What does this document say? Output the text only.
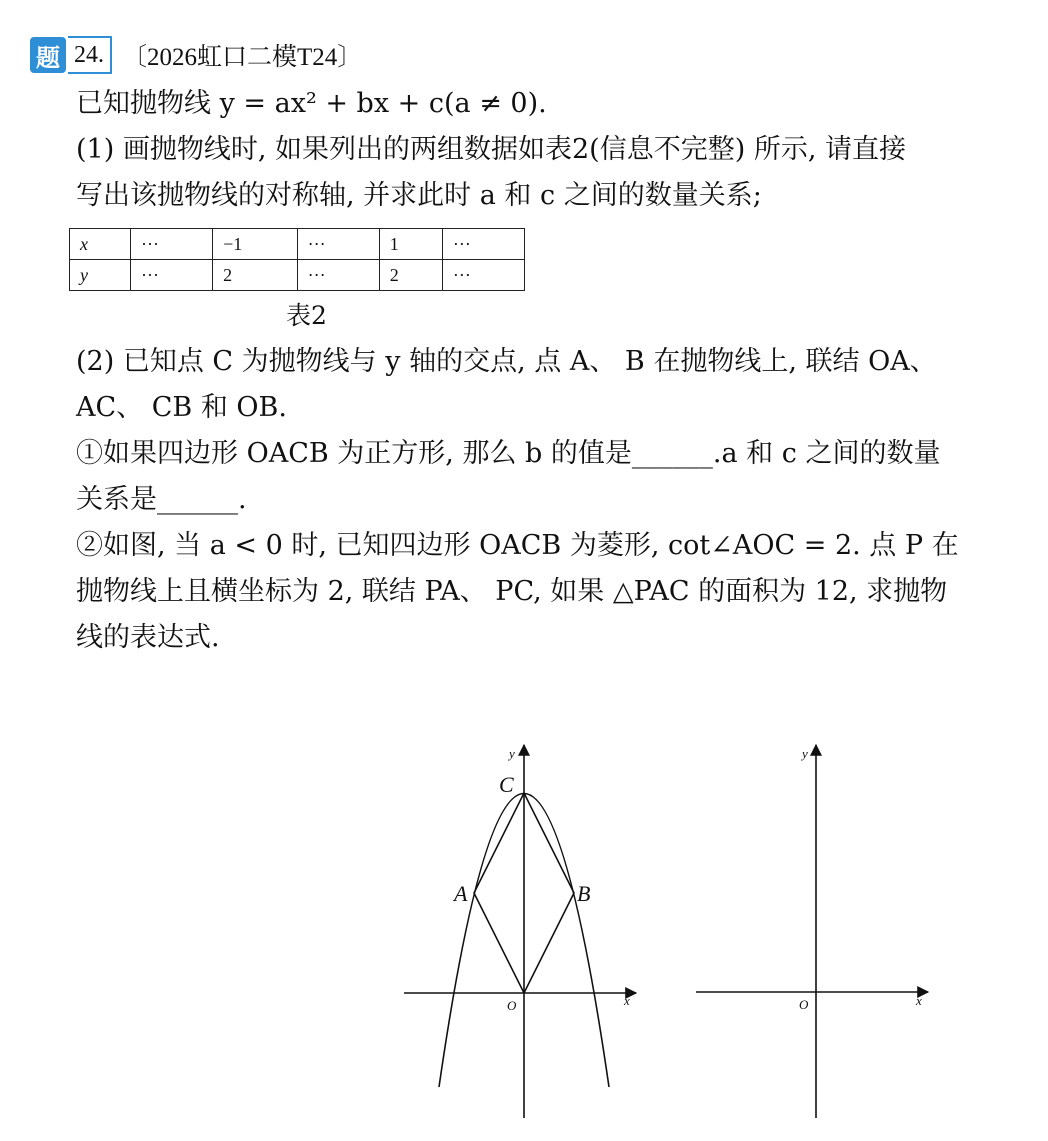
题 24. 〔2026虹口二模T24〕
已知抛物线 y = ax² + bx + c(a ≠ 0).
(1) 画抛物线时, 如果列出的两组数据如表2(信息不完整) 所示, 请直接
写出该抛物线的对称轴, 并求此时 a 和 c 之间的数量关系;
x	···	−1	···	1	···
y	···	2	···	2	···
表2
(2) 已知点 C 为抛物线与 y 轴的交点, 点 A、 B 在抛物线上, 联结 OA、
AC、 CB 和 OB.
①如果四边形 OACB 为正方形, 那么 b 的值是______.a 和 c 之间的数量
关系是______.
②如图, 当 a < 0 时, 已知四边形 OACB 为菱形, cot∠AOC = 2. 点 P 在
抛物线上且横坐标为 2, 联结 PA、 PC, 如果 △PAC 的面积为 12, 求抛物
线的表达式.
y
x
O
C
A	B
y
x
O
